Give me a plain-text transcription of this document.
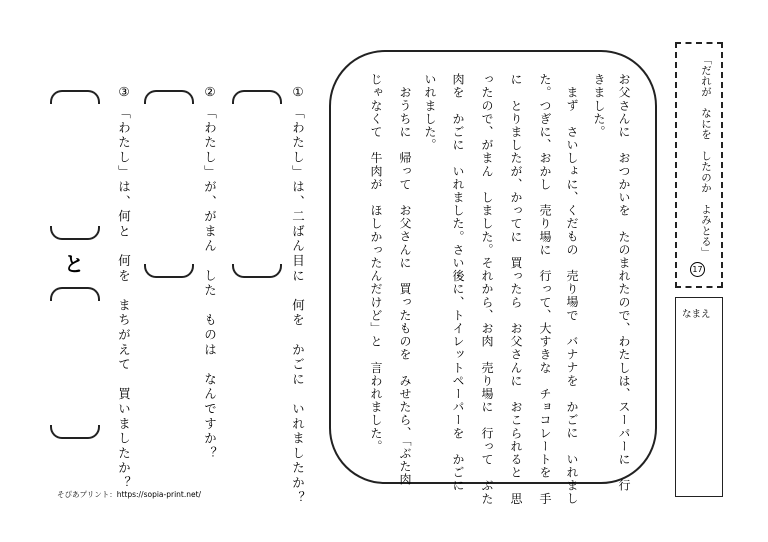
「だれが　なにを　したのか　よみとる」
17
なまえ
お父さんに　おつかいを　たのまれたので、わたしは、スーパーに　行
きました。
まず　さいしょに、くだもの　売り場で　バナナを　かごに　いれまし
た。つぎに、おかし　売り場に　行って、大すきな　チョコレートを　手
に　とりましたが、かってに　買ったら　お父さんに　おこられると　思
ったので、がまん　しました。それから、お肉　売り場に　行って　ぶた
肉を　かごに　いれました。さい後に、トイレットペーパーを　かごに
いれました。
おうちに　帰って　お父さんに　買ったものを　みせたら、「ぶた肉
じゃなくて　牛肉が　ほしかったんだけど」と　言われました。
①
「わたし」は、二ばん目に　何を　かごに　いれましたか？
②
「わたし」が、がまん　した　ものは　なんですか？
③
「わたし」は、何と　何を　まちがえて　買いましたか？
と
そぴあプリント：https://sopia-print.net/
